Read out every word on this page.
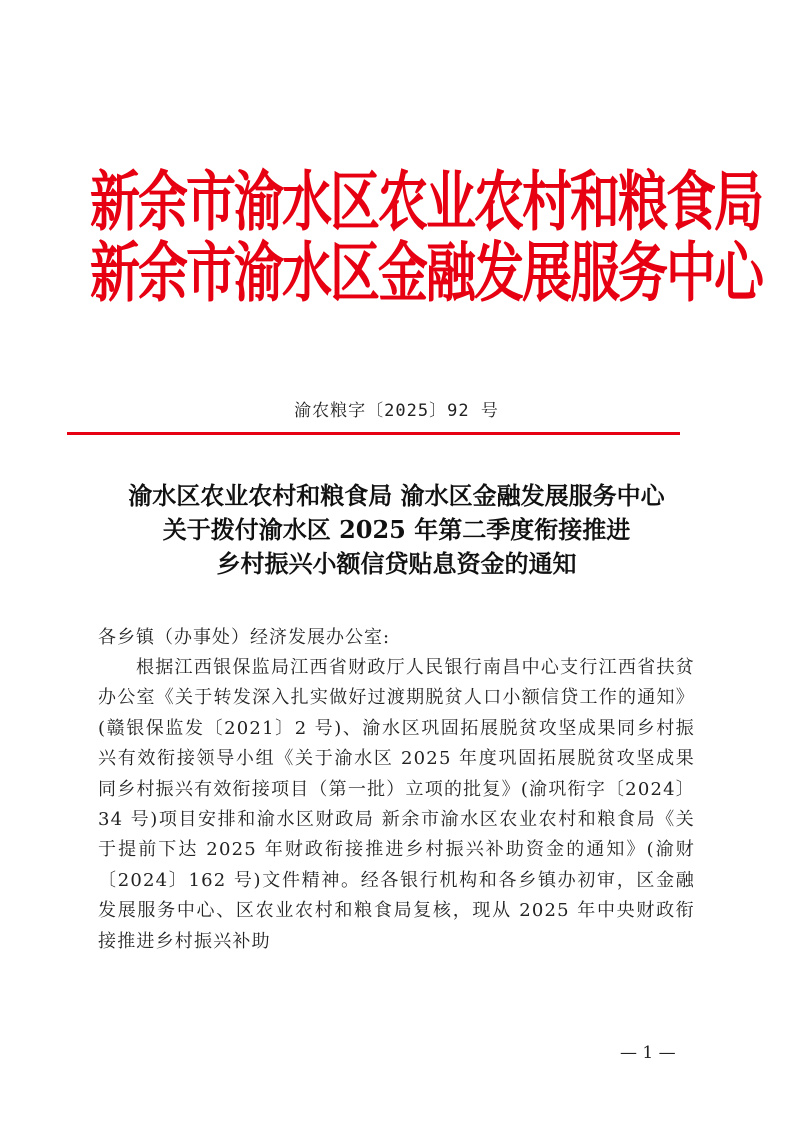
新余市渝水区农业农村和粮食局
新余市渝水区金融发展服务中心
渝农粮字〔2025〕92 号
渝水区农业农村和粮食局 渝水区金融发展服务中心
关于拨付渝水区 2025 年第二季度衔接推进
乡村振兴小额信贷贴息资金的通知
各乡镇（办事处）经济发展办公室:
根据江西银保监局江西省财政厅人民银行南昌中心支行江西省扶贫办公室《关于转发深入扎实做好过渡期脱贫人口小额信贷工作的通知》(赣银保监发〔2021〕2 号)、渝水区巩固拓展脱贫攻坚成果同乡村振兴有效衔接领导小组《关于渝水区 2025 年度巩固拓展脱贫攻坚成果同乡村振兴有效衔接项目（第一批）立项的批复》(渝巩衔字〔2024〕34 号)项目安排和渝水区财政局 新余市渝水区农业农村和粮食局《关于提前下达 2025 年财政衔接推进乡村振兴补助资金的通知》(渝财〔2024〕162 号)文件精神。经各银行机构和各乡镇办初审，区金融发展服务中心、区农业农村和粮食局复核，现从 2025 年中央财政衔接推进乡村振兴补助
— 1 —
